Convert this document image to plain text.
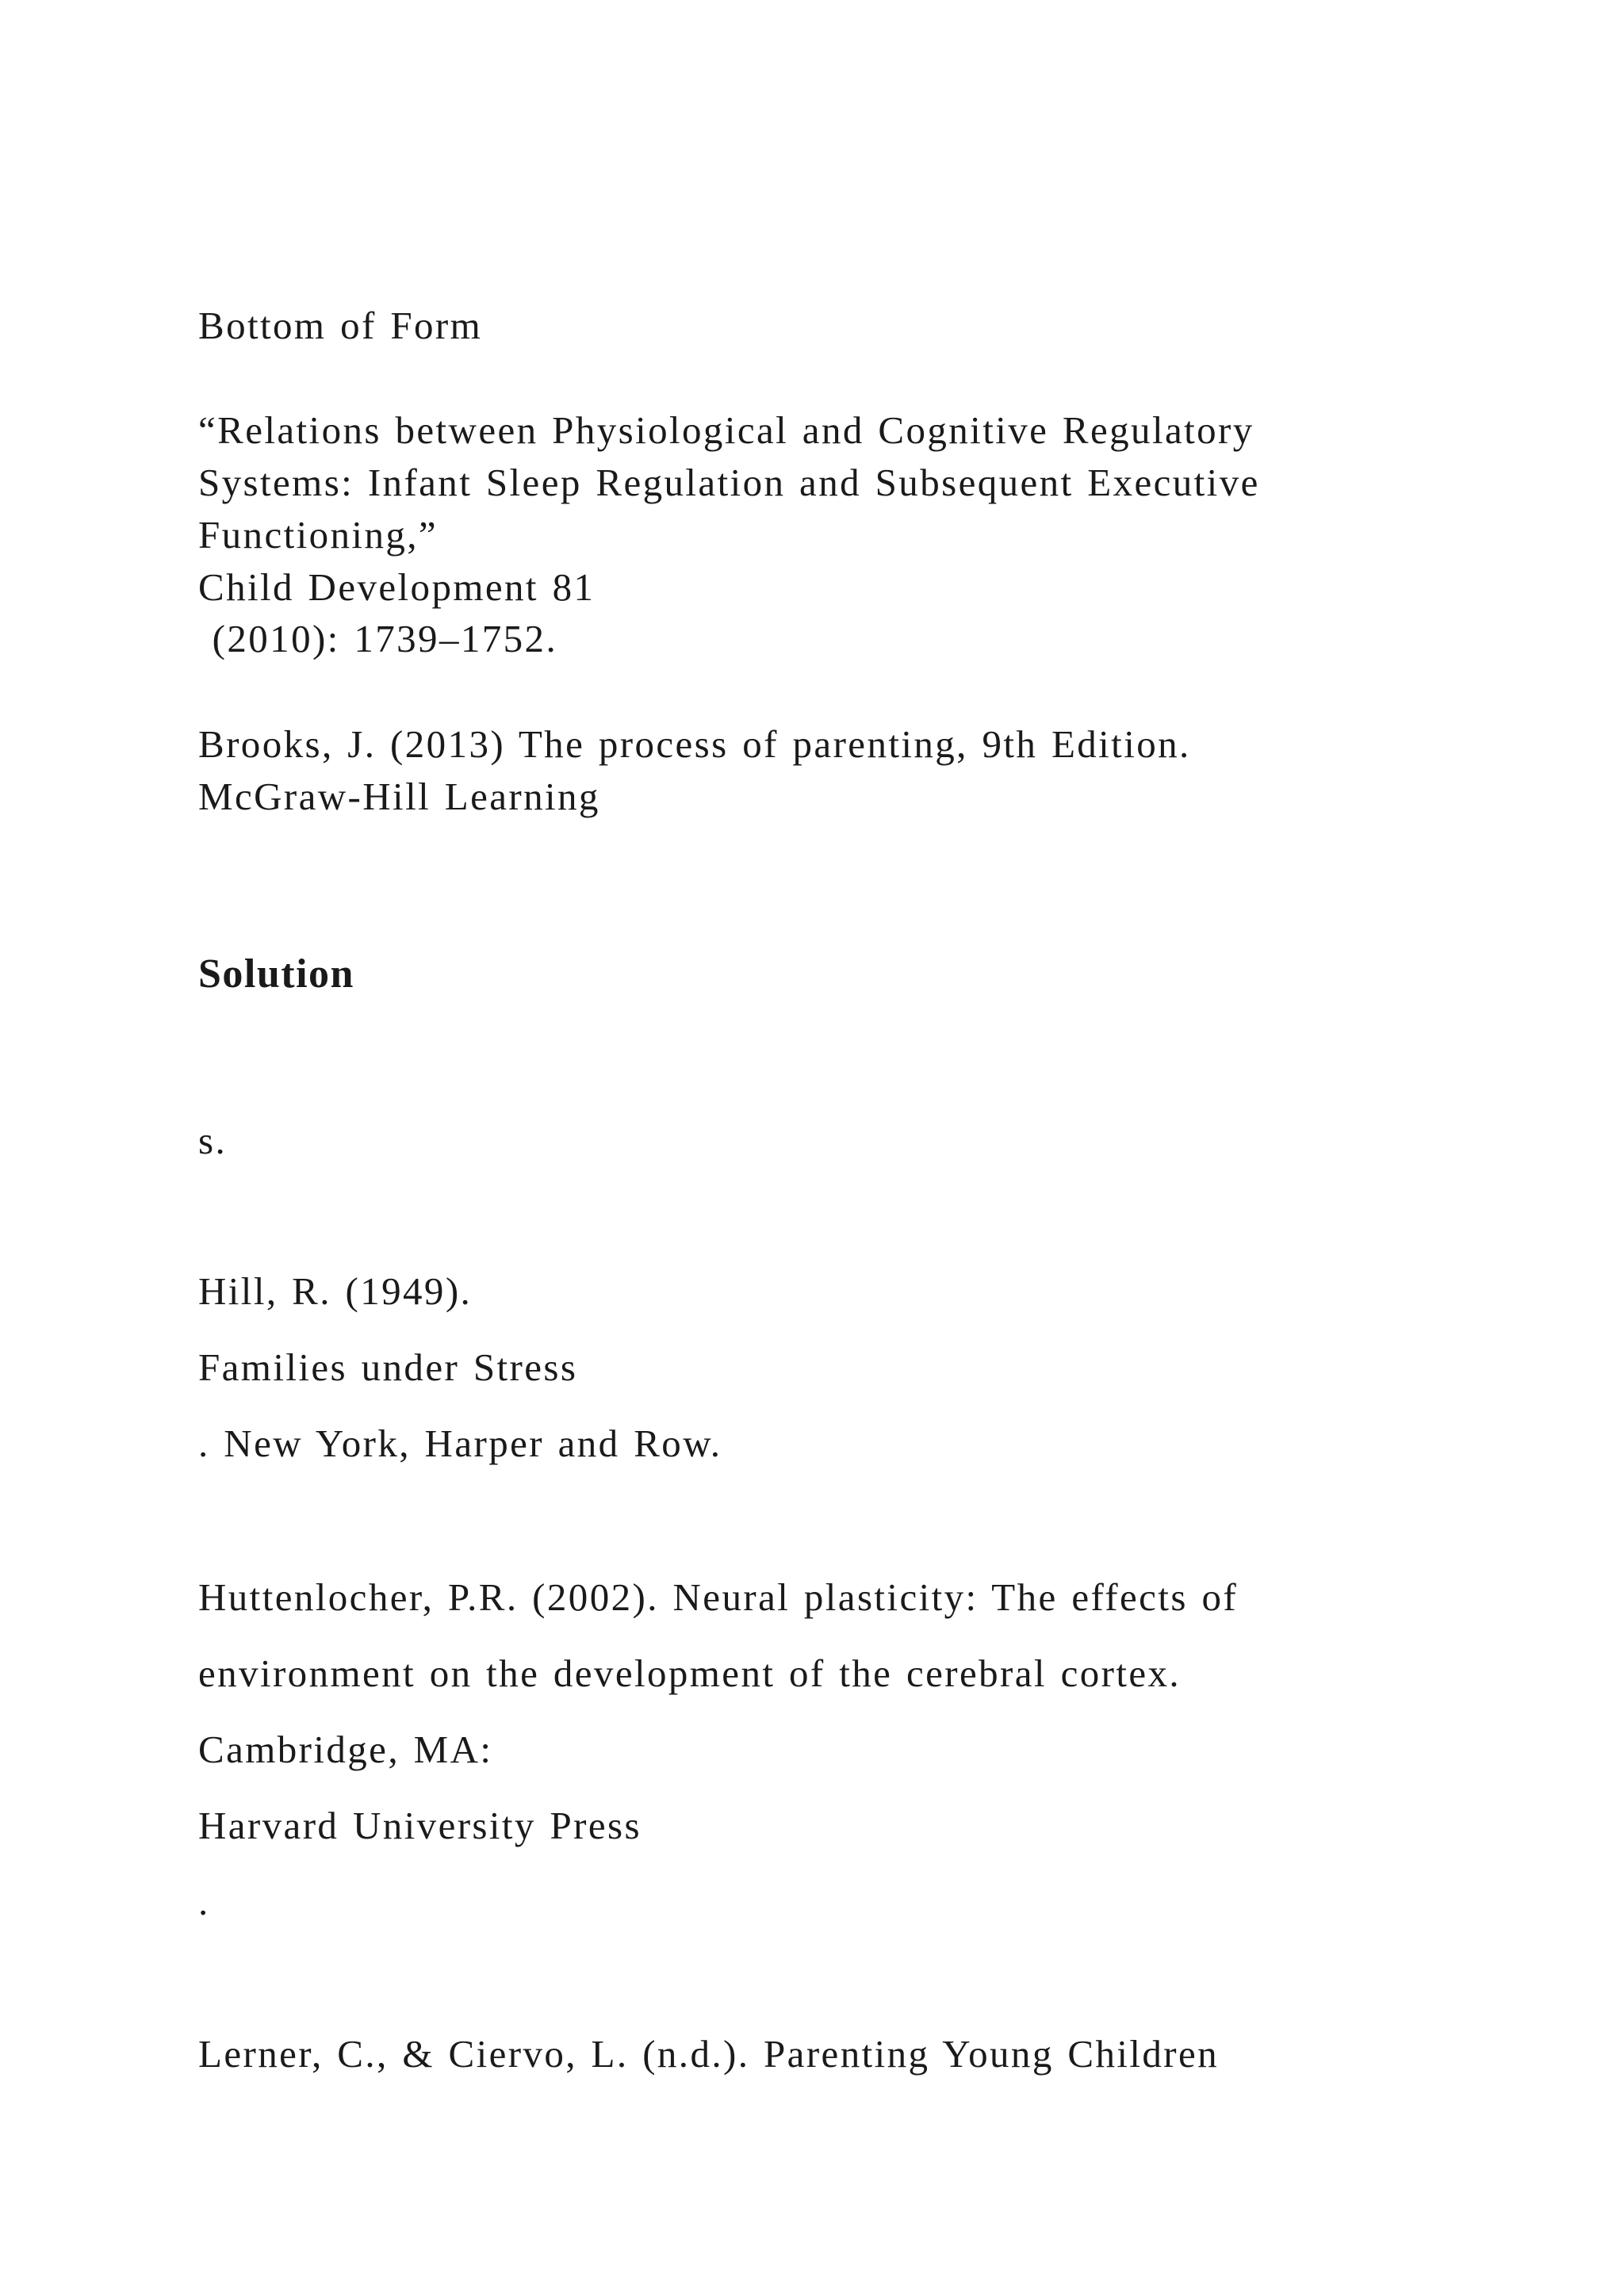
Bottom of Form

“Relations between Physiological and Cognitive Regulatory

Systems: Infant Sleep Regulation and Subsequent Executive

Functioning,”

Child Development 81

(2010): 1739–1752.

Brooks, J. (2013) The process of parenting, 9th Edition.

McGraw-Hill Learning

Solution

s.

Hill, R. (1949).

Families under Stress

. New York, Harper and Row.

Huttenlocher, P.R. (2002). Neural plasticity: The effects of

environment on the development of the cerebral cortex.

Cambridge, MA:

Harvard University Press

.

Lerner, C., & Ciervo, L. (n.d.). Parenting Young Children
